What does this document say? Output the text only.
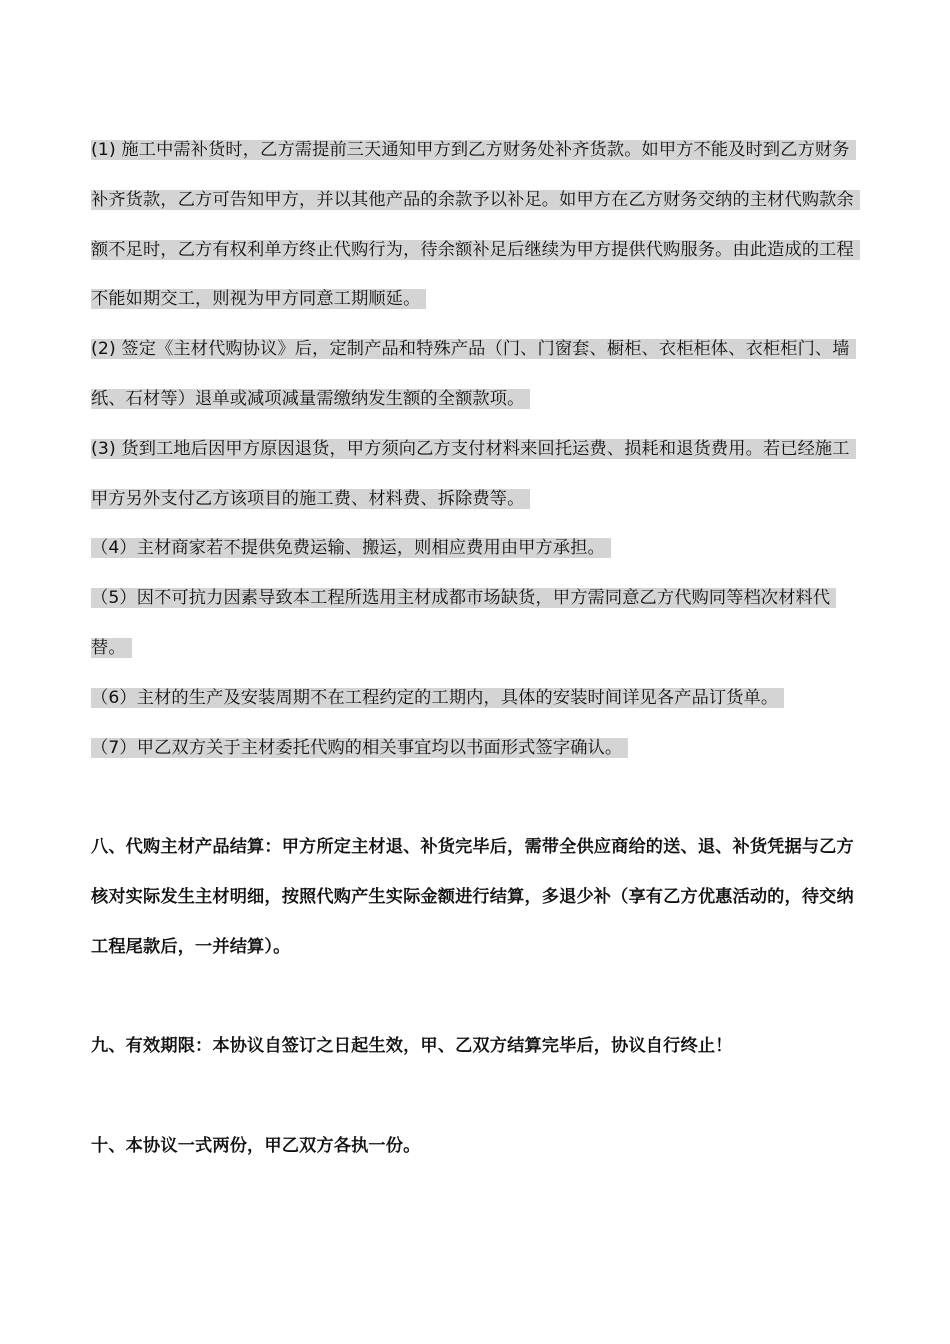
(1) 施工中需补货时，乙方需提前三天通知甲方到乙方财务处补齐货款。如甲方不能及时到乙方财务补齐货款，乙方可告知甲方，并以其他产品的余款予以补足。如甲方在乙方财务交纳的主材代购款余额不足时，乙方有权利单方终止代购行为，待余额补足后继续为甲方提供代购服务。由此造成的工程不能如期交工，则视为甲方同意工期顺延。

(2) 签定《主材代购协议》后，定制产品和特殊产品（门、门窗套、橱柜、衣柜柜体、衣柜柜门、墙纸、石材等）退单或减项减量需缴纳发生额的全额款项。

(3) 货到工地后因甲方原因退货，甲方须向乙方支付材料来回托运费、损耗和退货费用。若已经施工甲方另外支付乙方该项目的施工费、材料费、拆除费等。

（4）主材商家若不提供免费运输、搬运，则相应费用由甲方承担。

（5）因不可抗力因素导致本工程所选用主材成都市场缺货，甲方需同意乙方代购同等档次材料代替。

（6）主材的生产及安装周期不在工程约定的工期内，具体的安装时间详见各产品订货单。

（7）甲乙双方关于主材委托代购的相关事宜均以书面形式签字确认。

八、代购主材产品结算：甲方所定主材退、补货完毕后，需带全供应商给的送、退、补货凭据与乙方核对实际发生主材明细，按照代购产生实际金额进行结算，多退少补（享有乙方优惠活动的，待交纳工程尾款后，一并结算）。

九、有效期限：本协议自签订之日起生效，甲、乙双方结算完毕后，协议自行终止！

十、本协议一式两份，甲乙双方各执一份。
